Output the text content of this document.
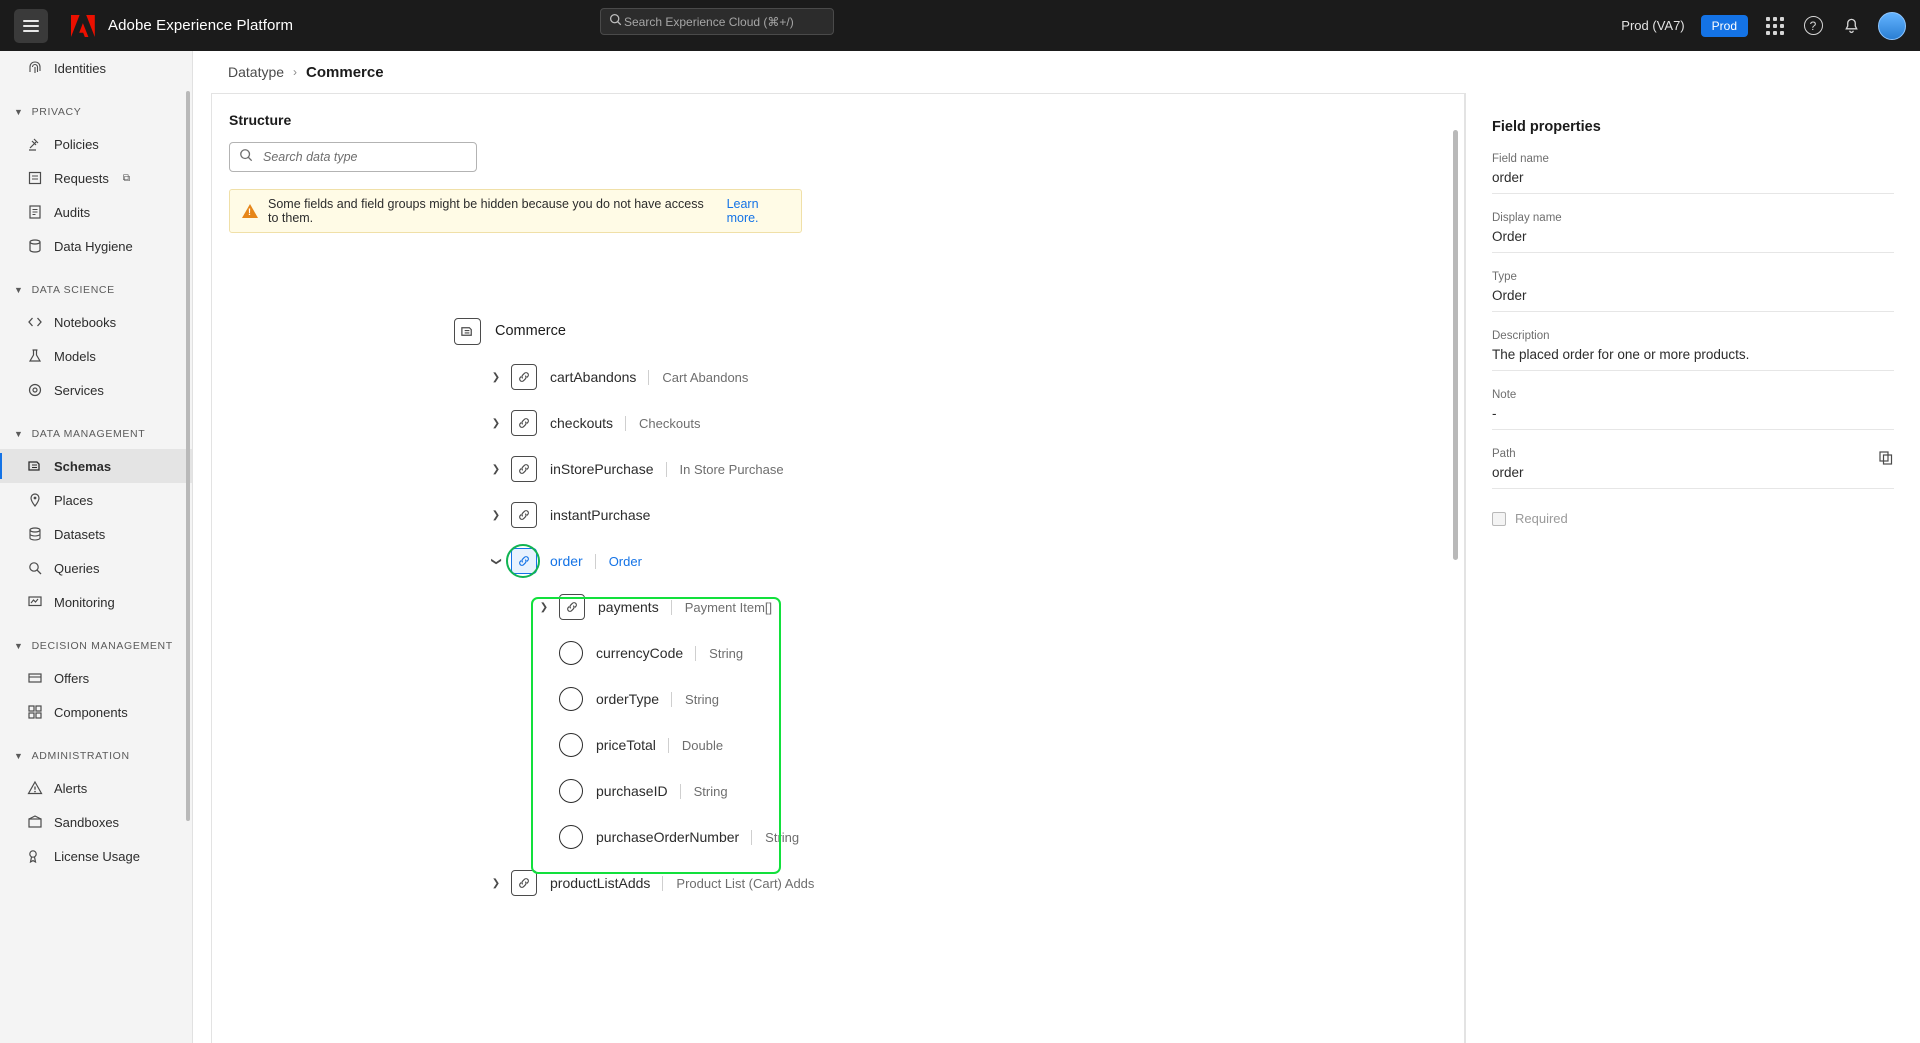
Adobe Experience Platform
Search Experience Cloud (⌘+/)	Prod (VA7)	Prod	?
Identities
▼ PRIVACY
Policies
Requests ⧉
Audits
Data Hygiene
▼ DATA SCIENCE
Notebooks
Models
Services
▼ DATA MANAGEMENT
Schemas
Places
Datasets
Queries
Monitoring
▼ DECISION MANAGEMENT
Offers
Components
▼ ADMINISTRATION
Alerts
Sandboxes
License Usage
Datatype › Commerce
Structure
Search data type
!
Some fields and field groups might be hidden because you do not have access to them.
Learn more.
Commerce
❯	cartAbandons	Cart Abandons
❯	checkouts	Checkouts
❯	inStorePurchase	In Store Purchase
❯	instantPurchase
❯	order	Order
❯	payments	Payment Item[]
currencyCode	String
orderType	String
priceTotal	Double
purchaseID	String
purchaseOrderNumber	String
❯	productListAdds	Product List (Cart) Adds
Field properties
Field name
order
Display name
Order
Type
Order
Description
The placed order for one or more products.
Note
-
Path
order
Required
